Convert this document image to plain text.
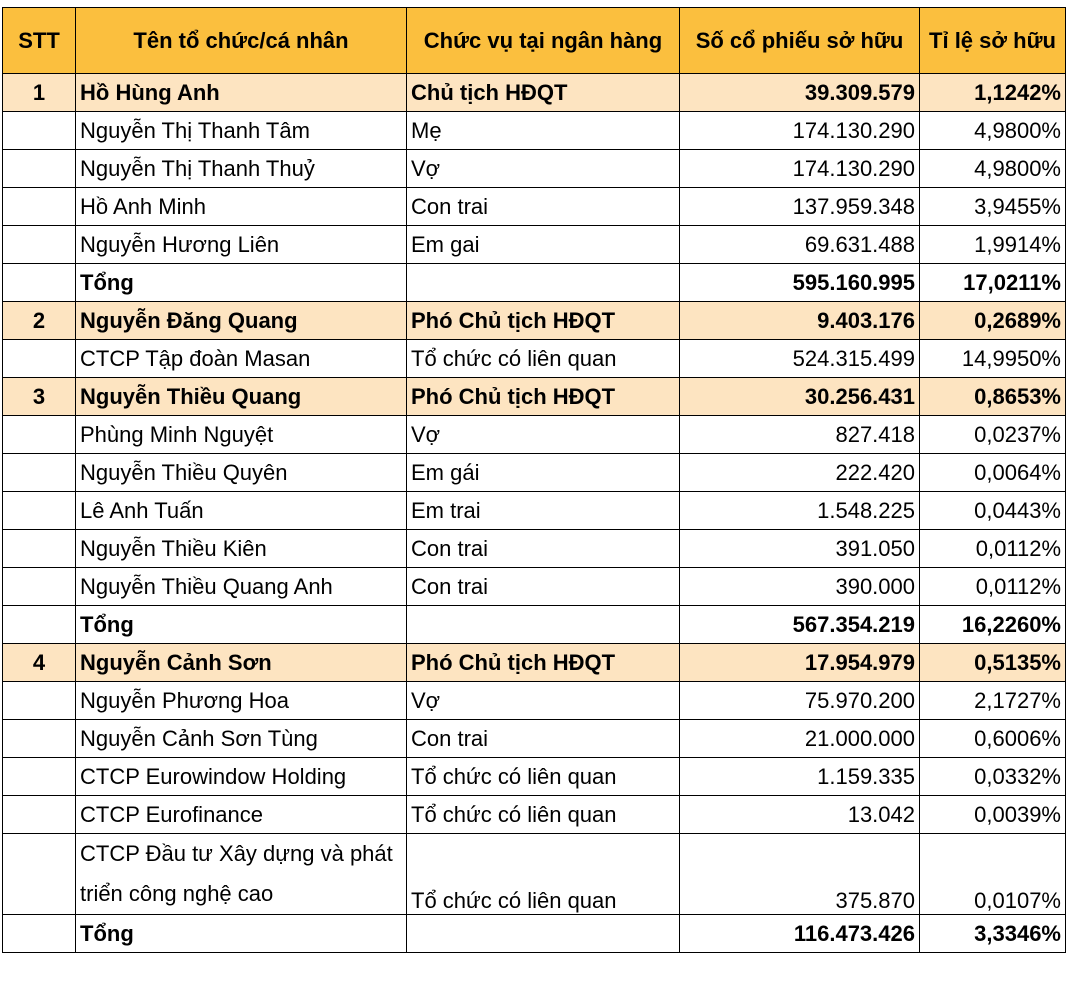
STT	Tên tổ chức/cá nhân	Chức vụ tại ngân hàng	Số cổ phiếu sở hữu	Tỉ lệ sở hữu
1	Hồ Hùng Anh	Chủ tịch HĐQT	39.309.579	1,1242%
	Nguyễn Thị Thanh Tâm	Mẹ	174.130.290	4,9800%
	Nguyễn Thị Thanh Thuỷ	Vợ	174.130.290	4,9800%
	Hồ Anh Minh	Con trai	137.959.348	3,9455%
	Nguyễn Hương Liên	Em gai	69.631.488	1,9914%
	Tổng		595.160.995	17,0211%
2	Nguyễn Đăng Quang	Phó Chủ tịch HĐQT	9.403.176	0,2689%
	CTCP Tập đoàn Masan	Tổ chức có liên quan	524.315.499	14,9950%
3	Nguyễn Thiều Quang	Phó Chủ tịch HĐQT	30.256.431	0,8653%
	Phùng Minh Nguyệt	Vợ	827.418	0,0237%
	Nguyễn Thiều Quyên	Em gái	222.420	0,0064%
	Lê Anh Tuấn	Em trai	1.548.225	0,0443%
	Nguyễn Thiều Kiên	Con trai	391.050	0,0112%
	Nguyễn Thiều Quang Anh	Con trai	390.000	0,0112%
	Tổng		567.354.219	16,2260%
4	Nguyễn Cảnh Sơn	Phó Chủ tịch HĐQT	17.954.979	0,5135%
	Nguyễn Phương Hoa	Vợ	75.970.200	2,1727%
	Nguyễn Cảnh Sơn Tùng	Con trai	21.000.000	0,6006%
	CTCP Eurowindow Holding	Tổ chức có liên quan	1.159.335	0,0332%
	CTCP Eurofinance	Tổ chức có liên quan	13.042	0,0039%
	CTCP Đầu tư Xây dựng và phát triển công nghệ cao	Tổ chức có liên quan	375.870	0,0107%
	Tổng		116.473.426	3,3346%
